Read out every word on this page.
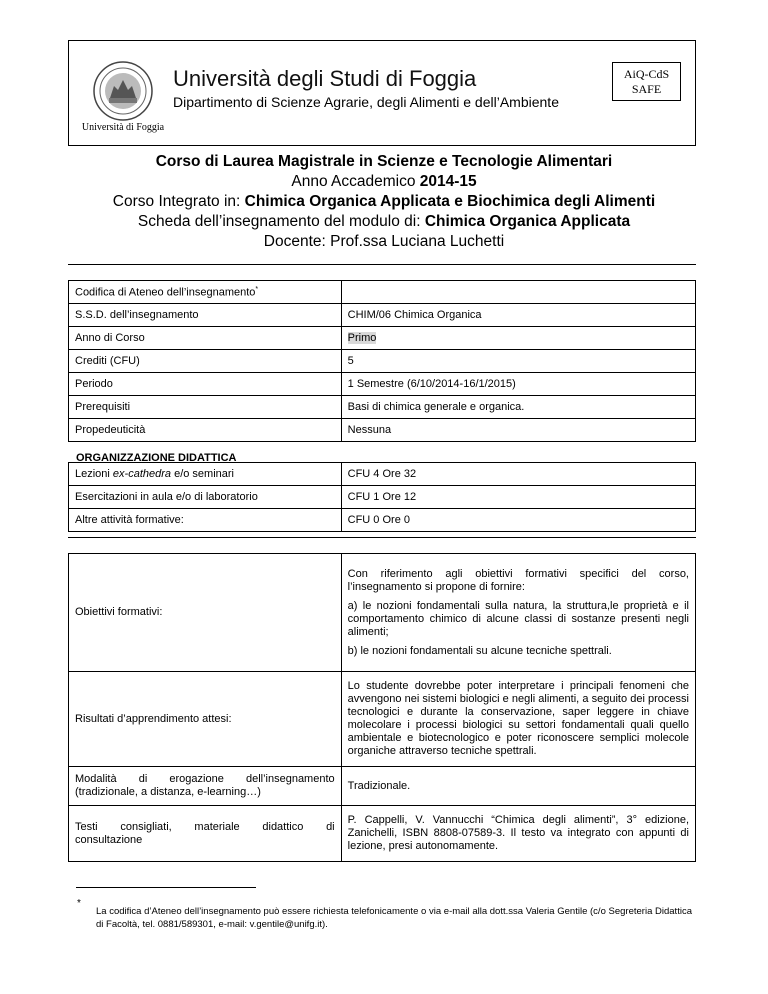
Università di Foggia
Università degli Studi di Foggia
Dipartimento di Scienze Agrarie, degli Alimenti e dell’Ambiente
AiQ-CdS
SAFE
Corso di Laurea Magistrale in Scienze e Tecnologie Alimentari
Anno Accademico 2014-15
Corso Integrato in: Chimica Organica Applicata e Biochimica degli Alimenti
Scheda dell’insegnamento del modulo di: Chimica Organica Applicata
Docente: Prof.ssa Luciana Luchetti
Codifica di Ateneo dell’insegnamento*	
S.S.D. dell’insegnamento	CHIM/06 Chimica Organica
Anno di Corso	Primo
Crediti (CFU)	5
Periodo	1 Semestre (6/10/2014-16/1/2015)
Prerequisiti	Basi di chimica generale e organica.
Propedeuticità	Nessuna
ORGANIZZAZIONE DIDATTICA
Lezioni ex-cathedra e/o seminari	CFU 4 Ore 32
Esercitazioni in aula e/o di laboratorio	CFU 1 Ore 12
Altre attività formative:	CFU 0 Ore 0
Obiettivi formativi:	Con riferimento agli obiettivi formativi specifici del corso, l’insegnamento si propone di fornire:

a) le nozioni fondamentali sulla natura, la struttura,le proprietà e il comportamento chimico di alcune classi di sostanze presenti negli alimenti;

b) le nozioni fondamentali su alcune tecniche spettrali.

Risultati d’apprendimento attesi:	Lo studente dovrebbe poter interpretare i principali fenomeni che avvengono nei sistemi biologici e negli alimenti, a seguito dei processi tecnologici e durante la conservazione, saper leggere in chiave molecolare i processi biologici su settori fondamentali quali quello ambientale e biotecnologico e poter riconoscere semplici molecole organiche attraverso tecniche spettrali.

Modalità di erogazione dell’insegnamento
(tradizionale, a distanza, e-learning…)	Tradizionale.

Testi consigliati, materiale didattico di
consultazione	P. Cappelli, V. Vannucchi “Chimica degli alimenti”, 3° edizione, Zanichelli, ISBN 8808-07589-3. Il testo va integrato con appunti di lezione, presi autonomamente.

*
La codifica d’Ateneo dell’insegnamento può essere richiesta telefonicamente o via e-mail alla dott.ssa Valeria Gentile (c/o Segreteria Didattica di Facoltà, tel. 0881/589301, e-mail: v.gentile@unifg.it).
